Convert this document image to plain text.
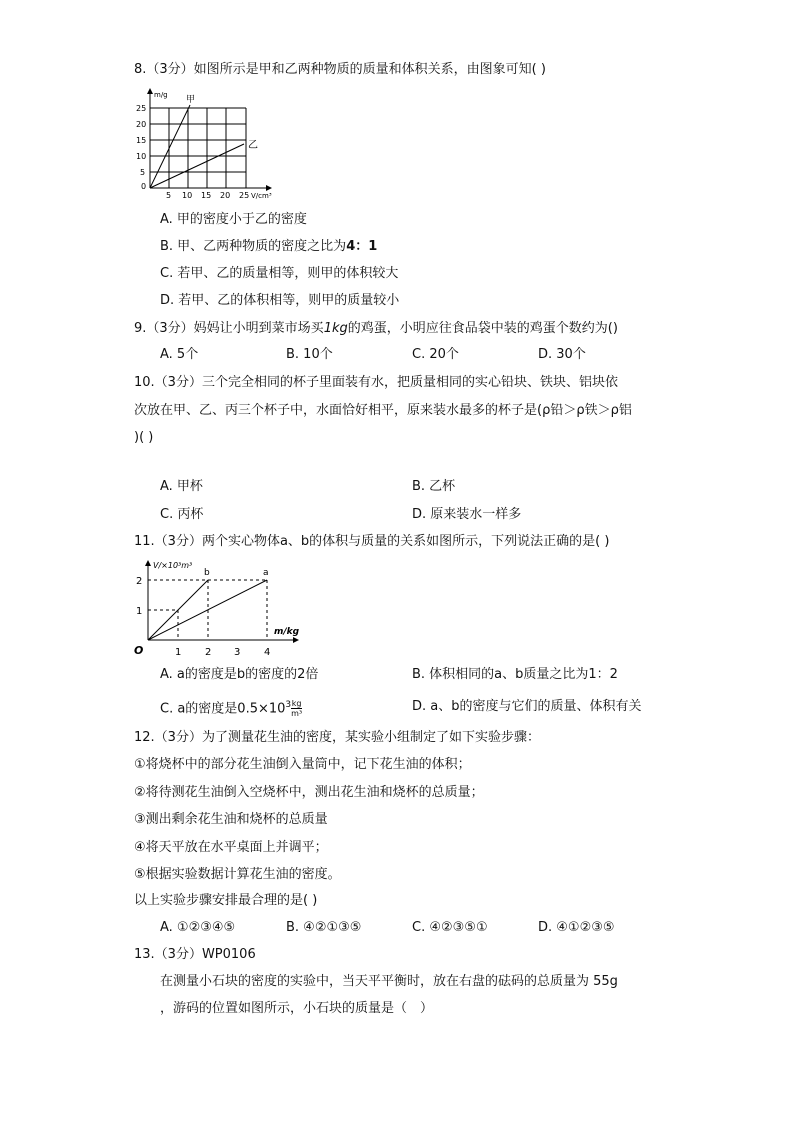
8.（3分）如图所示是甲和乙两种物质的质量和体积关系，由图象可知( )
m/g 甲
乙
25
20
15
10
5
0
5 10 15 20 25 V/cm³
A. 甲的密度小于乙的密度
B. 甲、乙两种物质的密度之比为4：1
C. 若甲、乙的质量相等，则甲的体积较大
D. 若甲、乙的体积相等，则甲的质量较小
9.（3分）妈妈让小明到菜市场买1kg的鸡蛋，小明应往食品袋中装的鸡蛋个数约为()
A. 5个	B. 10个	C. 20个	D. 30个
10.（3分）三个完全相同的杯子里面装有水，把质量相同的实心铅块、铁块、铝块依
次放在甲、乙、丙三个杯子中，水面恰好相平，原来装水最多的杯子是(ρ铅＞ρ铁＞ρ铝
)( )
A. 甲杯	B. 乙杯
C. 丙杯	D. 原来装水一样多
11.（3分）两个实心物体a、b的体积与质量的关系如图所示，下列说法正确的是( )
V/×10³m³
b	a
2
1
O	1 2 3 4
m/kg
A. a的密度是b的密度的2倍	B. 体积相同的a、b质量之比为1：2
C. a的密度是$0.5\times 10^3 \frac{kg}{\text{m³}}$	D. a、b的密度与它们的质量、体积有关
12.（3分）为了测量花生油的密度，某实验小组制定了如下实验步骤：
①将烧杯中的部分花生油倒入量筒中，记下花生油的体积；
②将待测花生油倒入空烧杯中，测出花生油和烧杯的总质量；
③测出剩余花生油和烧杯的总质量
④将天平放在水平桌面上并调平；
⑤根据实验数据计算花生油的密度。
以上实验步骤安排最合理的是( )
A. ①②③④⑤	B. ④②①③⑤	C. ④②③⑤①	D. ④①②③⑤
13.（3分）WP0106
在测量小石块的密度的实验中，当天平平衡时，放在右盘的砝码的总质量为 55g
，游码的位置如图所示，小石块的质量是（　）
